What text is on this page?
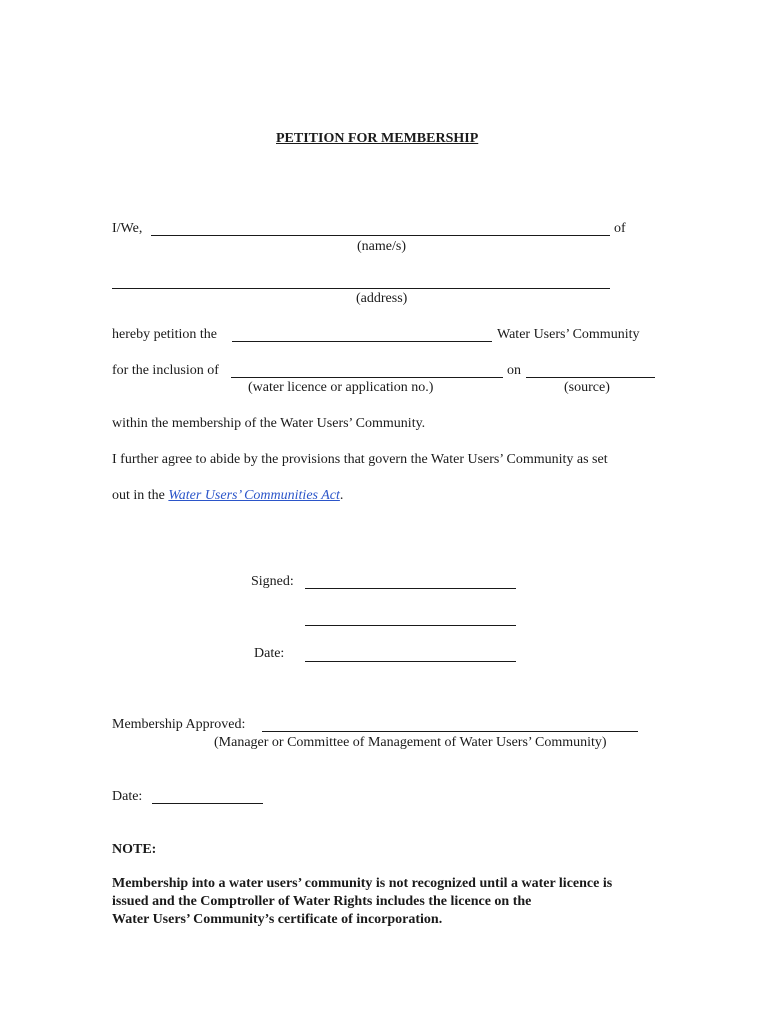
PETITION FOR MEMBERSHIP
I/We,	of
(name/s)
(address)
hereby petition the	Water Users’ Community
for the inclusion of	on
(water licence or application no.)	(source)
within the membership of the Water Users’ Community.
I further agree to abide by the provisions that govern the Water Users’ Community as set
out in the Water Users’ Communities Act.
Signed:
Date:
Membership Approved:
(Manager or Committee of Management of Water Users’ Community)
Date:
NOTE:
Membership into a water users’ community is not recognized until a water licence is
issued and the Comptroller of Water Rights includes the licence on the
Water Users’ Community’s certificate of incorporation.
